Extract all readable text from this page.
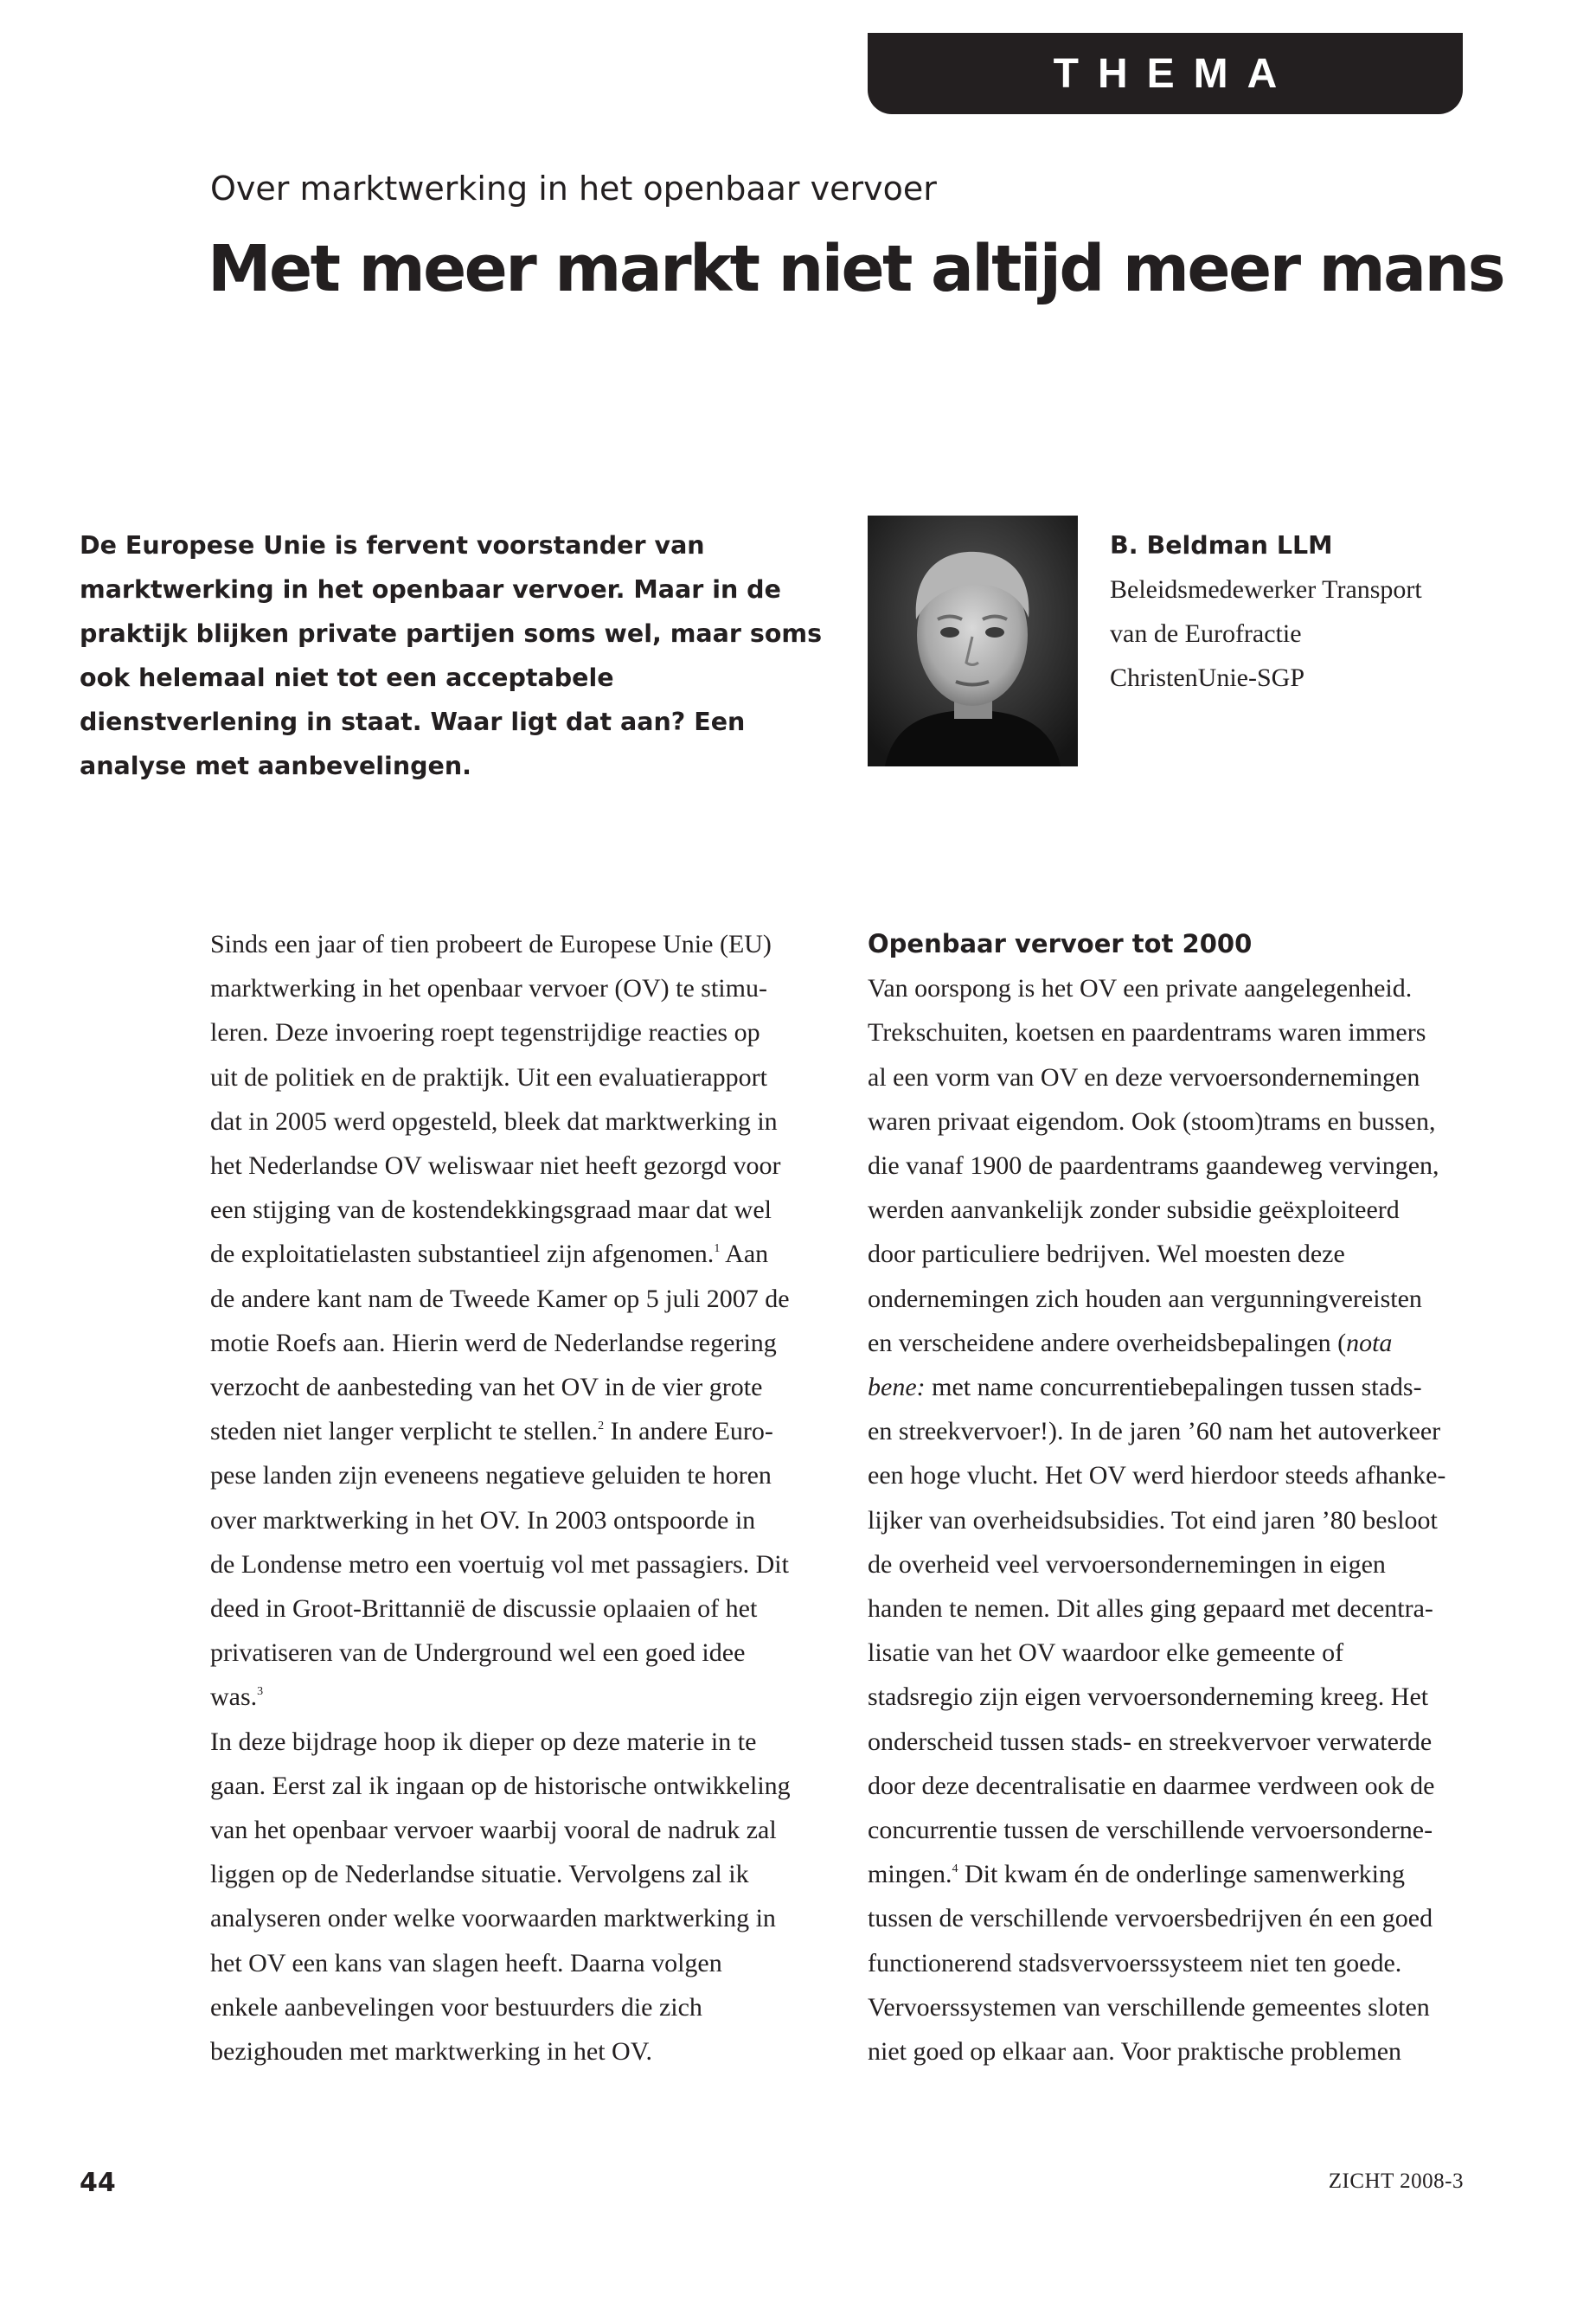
THEMA
Over marktwerking in het openbaar vervoer
Met meer markt niet altijd meer mans

De Europese Unie is fervent voorstander van marktwerking in het openbaar vervoer. Maar in de praktijk blijken private partijen soms wel, maar soms ook helemaal niet tot een acceptabele dienstverlening in staat. Waar ligt dat aan? Een analyse met aanbevelingen.

B. Beldman LLM
Beleidsmedewerker Transport
van de Eurofractie
ChristenUnie-SGP
Sinds een jaar of tien probeert de Europese Unie (EU)
marktwerking in het openbaar vervoer (OV) te stimu-
leren. Deze invoering roept tegenstrijdige reacties op
uit de politiek en de praktijk. Uit een evaluatierapport
dat in 2005 werd opgesteld, bleek dat marktwerking in
het Nederlandse OV weliswaar niet heeft gezorgd voor
een stijging van de kostendekkingsgraad maar dat wel
de exploitatielasten substantieel zijn afgenomen.$^1$ Aan
de andere kant nam de Tweede Kamer op 5 juli 2007 de
motie Roefs aan. Hierin werd de Nederlandse regering
verzocht de aanbesteding van het OV in de vier grote
steden niet langer verplicht te stellen.$^2$ In andere Euro-
pese landen zijn eveneens negatieve geluiden te horen
over marktwerking in het OV. In 2003 ontspoorde in
de Londense metro een voertuig vol met passagiers. Dit
deed in Groot-Brittannië de discussie oplaaien of het
privatiseren van de Underground wel een goed idee
was.$^3$
In deze bijdrage hoop ik dieper op deze materie in te
gaan. Eerst zal ik ingaan op de historische ontwikkeling
van het openbaar vervoer waarbij vooral de nadruk zal
liggen op de Nederlandse situatie. Vervolgens zal ik
analyseren onder welke voorwaarden marktwerking in
het OV een kans van slagen heeft. Daarna volgen
enkele aanbevelingen voor bestuurders die zich
bezighouden met marktwerking in het OV.
Openbaar vervoer tot 2000
Van oorspong is het OV een private aangelegenheid.
Trekschuiten, koetsen en paardentrams waren immers
al een vorm van OV en deze vervoersondernemingen
waren privaat eigendom. Ook (stoom)trams en bussen,
die vanaf 1900 de paardentrams gaandeweg vervingen,
werden aanvankelijk zonder subsidie geëxploiteerd
door particuliere bedrijven. Wel moesten deze
ondernemingen zich houden aan vergunningvereisten
en verscheidene andere overheidsbepalingen (nota
bene: met name concurrentiebepalingen tussen stads-
en streekvervoer!). In de jaren ’60 nam het autoverkeer
een hoge vlucht. Het OV werd hierdoor steeds afhanke-
lijker van overheidsubsidies. Tot eind jaren ’80 besloot
de overheid veel vervoersondernemingen in eigen
handen te nemen. Dit alles ging gepaard met decentra-
lisatie van het OV waardoor elke gemeente of
stadsregio zijn eigen vervoersonderneming kreeg. Het
onderscheid tussen stads- en streekvervoer verwaterde
door deze decentralisatie en daarmee verdween ook de
concurrentie tussen de verschillende vervoersonderne-
mingen.$^4$ Dit kwam én de onderlinge samenwerking
tussen de verschillende vervoersbedrijven én een goed
functionerend stadsvervoerssysteem niet ten goede.
Vervoerssystemen van verschillende gemeentes sloten
niet goed op elkaar aan. Voor praktische problemen
44	ZICHT 2008-3
